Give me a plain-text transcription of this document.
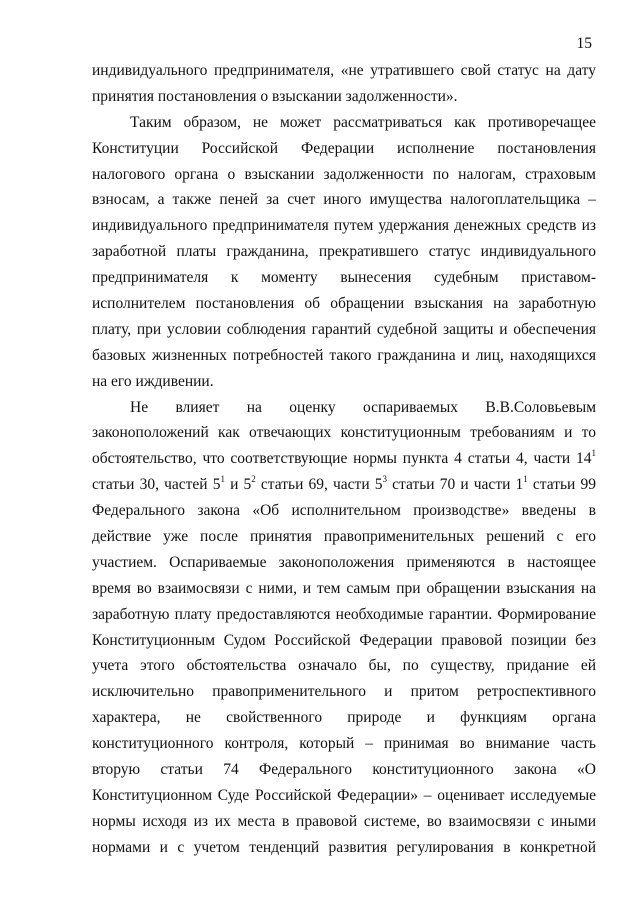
15
индивидуального предпринимателя, «не утратившего свой статус на дату
принятия постановления о взыскании задолженности».
Таким образом, не может рассматриваться как противоречащее
Конституции Российской Федерации исполнение постановления
налогового органа о взыскании задолженности по налогам, страховым
взносам, а также пеней за счет иного имущества налогоплательщика –
индивидуального предпринимателя путем удержания денежных средств из
заработной платы гражданина, прекратившего статус индивидуального
предпринимателя к моменту вынесения судебным приставом-
исполнителем постановления об обращении взыскания на заработную
плату, при условии соблюдения гарантий судебной защиты и обеспечения
базовых жизненных потребностей такого гражданина и лиц, находящихся
на его иждивении.
Не влияет на оценку оспариваемых В.В.Соловьевым
законоположений как отвечающих конституционным требованиям и то
обстоятельство, что соответствующие нормы пункта 4 статьи 4, части $14^1$
статьи 30, частей $5^1$ и $5^2$ статьи 69, части $5^3$ статьи 70 и части $1^1$ статьи 99
Федерального закона «Об исполнительном производстве» введены в
действие уже после принятия правоприменительных решений с его
участием. Оспариваемые законоположения применяются в настоящее
время во взаимосвязи с ними, и тем самым при обращении взыскания на
заработную плату предоставляются необходимые гарантии. Формирование
Конституционным Судом Российской Федерации правовой позиции без
учета этого обстоятельства означало бы, по существу, придание ей
исключительно правоприменительного и притом ретроспективного
характера, не свойственного природе и функциям органа
конституционного контроля, который – принимая во внимание часть
вторую статьи 74 Федерального конституционного закона «О
Конституционном Суде Российской Федерации» – оценивает исследуемые
нормы исходя из их места в правовой системе, во взаимосвязи с иными
нормами и с учетом тенденций развития регулирования в конкретной
